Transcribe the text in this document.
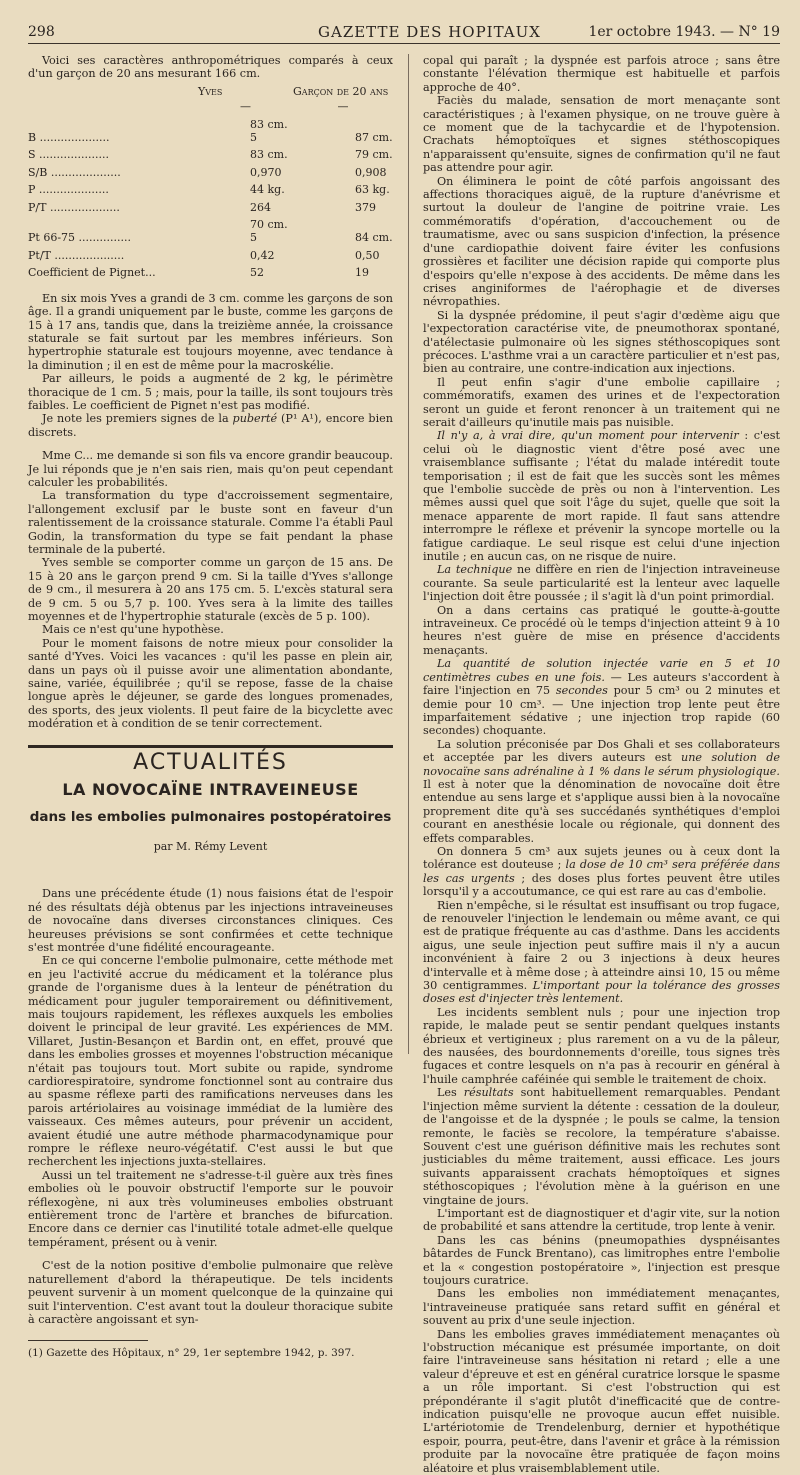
298	GAZETTE DES HOPITAUX	1er octobre 1943. — N° 19

Voici ses caractères anthropométriques comparés à ceux d'un garçon de 20 ans mesurant 166 cm.

	Yves	Garçon de 20 ans
	—	—
B ....................	83 cm. 5	87 cm.
S ....................	83 cm.	79 cm.
S/B ....................	0,970	0,908
P ....................	44 kg.	63 kg.
P/T ....................	264	379
Pt 66-75 ...............	70 cm. 5	84 cm.
Pt/T ....................	0,42	0,50
Coefficient de Pignet...	52	19

En six mois Yves a grandi de 3 cm. comme les garçons de son âge. Il a grandi uniquement par le buste, comme les garçons de 15 à 17 ans, tandis que, dans la treizième année, la croissance staturale se fait surtout par les membres inférieurs. Son hypertrophie staturale est toujours moyenne, avec tendance à la diminution ; il en est de même pour la macroskélie.

Par ailleurs, le poids a augmenté de 2 kg, le périmètre thoracique de 1 cm. 5 ; mais, pour la taille, ils sont toujours très faibles. Le coefficient de Pignet n'est pas modifié.

Je note les premiers signes de la puberté (P¹ A¹), encore bien discrets.

Mme C... me demande si son fils va encore grandir beaucoup. Je lui réponds que je n'en sais rien, mais qu'on peut cependant calculer les probabilités.

La transformation du type d'accroissement segmentaire, l'allongement exclusif par le buste sont en faveur d'un ralentissement de la croissance staturale. Comme l'a établi Paul Godin, la transformation du type se fait pendant la phase terminale de la puberté.

Yves semble se comporter comme un garçon de 15 ans. De 15 à 20 ans le garçon prend 9 cm. Si la taille d'Yves s'allonge de 9 cm., il mesurera à 20 ans 175 cm. 5. L'excès statural sera de 9 cm. 5 ou 5,7 p. 100. Yves sera à la limite des tailles moyennes et de l'hypertrophie staturale (excès de 5 p. 100).

Mais ce n'est qu'une hypothèse.

Pour le moment faisons de notre mieux pour consolider la santé d'Yves. Voici les vacances : qu'il les passe en plein air, dans un pays où il puisse avoir une alimentation abondante, saine, variée, équilibrée ; qu'il se repose, fasse de la chaise longue après le déjeuner, se garde des longues promenades, des sports, des jeux violents. Il peut faire de la bicyclette avec modération et à condition de se tenir correctement.

ACTUALITÉS
LA NOVOCAÏNE INTRAVEINEUSE
dans les embolies pulmonaires postopératoires
par M. Rémy Levent

Dans une précédente étude (1) nous faisions état de l'espoir né des résultats déjà obtenus par les injections intraveineuses de novocaïne dans diverses circonstances cliniques. Ces heureuses prévisions se sont confirmées et cette technique s'est montrée d'une fidélité encourageante.

En ce qui concerne l'embolie pulmonaire, cette méthode met en jeu l'activité accrue du médicament et la tolérance plus grande de l'organisme dues à la lenteur de pénétration du médicament pour juguler temporairement ou définitivement, mais toujours rapidement, les réflexes auxquels les embolies doivent le principal de leur gravité. Les expériences de MM. Villaret, Justin-Besançon et Bardin ont, en effet, prouvé que dans les embolies grosses et moyennes l'obstruction mécanique n'était pas toujours tout. Mort subite ou rapide, syndrome cardiorespiratoire, syndrome fonctionnel sont au contraire dus au spasme réflexe parti des ramifications nerveuses dans les parois artériolaires au voisinage immédiat de la lumière des vaisseaux. Ces mêmes auteurs, pour prévenir un accident, avaient étudié une autre méthode pharmacodynamique pour rompre le réflexe neuro-végétatif. C'est aussi le but que recherchent les injections juxta-stellaires.

Aussi un tel traitement ne s'adresse-t-il guère aux très fines embolies où le pouvoir obstructif l'emporte sur le pouvoir réflexogène, ni aux très volumineuses embolies obstruant entièrement tronc de l'artère et branches de bifurcation. Encore dans ce dernier cas l'inutilité totale admet-elle quelque tempérament, présent ou à venir.

C'est de la notion positive d'embolie pulmonaire que relève naturellement d'abord la thérapeutique. De tels incidents peuvent survenir à un moment quelconque de la quinzaine qui suit l'intervention. C'est avant tout la douleur thoracique subite à caractère angoissant et syn-

(1) Gazette des Hôpitaux, n° 29, 1er septembre 1942, p. 397.

copal qui paraît ; la dyspnée est parfois atroce ; sans être constante l'élévation thermique est habituelle et parfois approche de 40°.

Faciès du malade, sensation de mort menaçante sont caractéristiques ; à l'examen physique, on ne trouve guère à ce moment que de la tachycardie et de l'hypotension. Crachats hémoptoïques et signes stéthoscopiques n'apparaissent qu'ensuite, signes de confirmation qu'il ne faut pas attendre pour agir.

On éliminera le point de côté parfois angoissant des affections thoraciques aiguë, de la rupture d'anévrisme et surtout la douleur de l'angine de poitrine vraie. Les commémoratifs d'opération, d'accouchement ou de traumatisme, avec ou sans suspicion d'infection, la présence d'une cardiopathie doivent faire éviter les confusions grossières et faciliter une décision rapide qui comporte plus d'espoirs qu'elle n'expose à des accidents. De même dans les crises anginiformes de l'aérophagie et de diverses névropathies.

Si la dyspnée prédomine, il peut s'agir d'œdème aigu que l'expectoration caractérise vite, de pneumothorax spontané, d'atélectasie pulmonaire où les signes stéthoscopiques sont précoces. L'asthme vrai a un caractère particulier et n'est pas, bien au contraire, une contre-indication aux injections.

Il peut enfin s'agir d'une embolie capillaire ; commémoratifs, examen des urines et de l'expectoration seront un guide et feront renoncer à un traitement qui ne serait d'ailleurs qu'inutile mais pas nuisible.

Il n'y a, à vrai dire, qu'un moment pour intervenir : c'est celui où le diagnostic vient d'être posé avec une vraisemblance suffisante ; l'état du malade intéredit toute temporisation ; il est de fait que les succès sont les mêmes que l'embolie succède de près ou non à l'intervention. Les mêmes aussi quel que soit l'âge du sujet, quelle que soit la menace apparente de mort rapide. Il faut sans attendre interrompre le réflexe et prévenir la syncope mortelle ou la fatigue cardiaque. Le seul risque est celui d'une injection inutile ; en aucun cas, on ne risque de nuire.

La technique ne diffère en rien de l'injection intraveineuse courante. Sa seule particularité est la lenteur avec laquelle l'injection doit être poussée ; il s'agit là d'un point primordial.

On a dans certains cas pratiqué le goutte-à-goutte intraveineux. Ce procédé où le temps d'injection atteint 9 à 10 heures n'est guère de mise en présence d'accidents menaçants.

La quantité de solution injectée varie en 5 et 10 centimètres cubes en une fois. — Les auteurs s'accordent à faire l'injection en 75 secondes pour 5 cm³ ou 2 minutes et demie pour 10 cm³. — Une injection trop lente peut être imparfaitement sédative ; une injection trop rapide (60 secondes) choquante.

La solution préconisée par Dos Ghali et ses collaborateurs et acceptée par les divers auteurs est une solution de novocaïne sans adrénaline à 1 % dans le sérum physiologique. Il est à noter que la dénomination de novocaïne doit être entendue au sens large et s'applique aussi bien à la novocaïne proprement dite qu'à ses succédanés synthétiques d'emploi courant en anesthésie locale ou régionale, qui donnent des effets comparables.

On donnera 5 cm³ aux sujets jeunes ou à ceux dont la tolérance est douteuse ; la dose de 10 cm³ sera préférée dans les cas urgents ; des doses plus fortes peuvent être utiles lorsqu'il y a accoutumance, ce qui est rare au cas d'embolie.

Rien n'empêche, si le résultat est insuffisant ou trop fugace, de renouveler l'injection le lendemain ou même avant, ce qui est de pratique fréquente au cas d'asthme. Dans les accidents aigus, une seule injection peut suffire mais il n'y a aucun inconvénient à faire 2 ou 3 injections à deux heures d'intervalle et à même dose ; à atteindre ainsi 10, 15 ou même 30 centigrammes. L'important pour la tolérance des grosses doses est d'injecter très lentement.

Les incidents semblent nuls ; pour une injection trop rapide, le malade peut se sentir pendant quelques instants ébrieux et vertigineux ; plus rarement on a vu de la pâleur, des nausées, des bourdonnements d'oreille, tous signes très fugaces et contre lesquels on n'a pas à recourir en général à l'huile camphrée caféinée qui semble le traitement de choix.

Les résultats sont habituellement remarquables. Pendant l'injection même survient la détente : cessation de la douleur, de l'angoisse et de la dyspnée ; le pouls se calme, la tension remonte, le faciès se recolore, la température s'abaisse. Souvent c'est une guérison définitive mais les rechutes sont justiciables du même traitement, aussi efficace. Les jours suivants apparaissent crachats hémoptoïques et signes stéthoscopiques ; l'évolution mène à la guérison en une vingtaine de jours.

L'important est de diagnostiquer et d'agir vite, sur la notion de probabilité et sans attendre la certitude, trop lente à venir.

Dans les cas bénins (pneumopathies dyspnéisantes bâtardes de Funck Brentano), cas limitrophes entre l'embolie et la « congestion postopératoire », l'injection est presque toujours curatrice.

Dans les embolies non immédiatement menaçantes, l'intraveineuse pratiquée sans retard suffit en général et souvent au prix d'une seule injection.

Dans les embolies graves immédiatement menaçantes où l'obstruction mécanique est présumée importante, on doit faire l'intraveineuse sans hésitation ni retard ; elle a une valeur d'épreuve et est en général curatrice lorsque le spasme a un rôle important. Si c'est l'obstruction qui est prépondérante il s'agit plutôt d'inefficacité que de contre-indication puisqu'elle ne provoque aucun effet nuisible. L'artériotomie de Trendelenburg, dernier et hypothétique espoir, pourra, peut-être, dans l'avenir et grâce à la rémission produite par la novocaïne être pratiquée de façon moins aléatoire et plus vraisemblablement utile.
